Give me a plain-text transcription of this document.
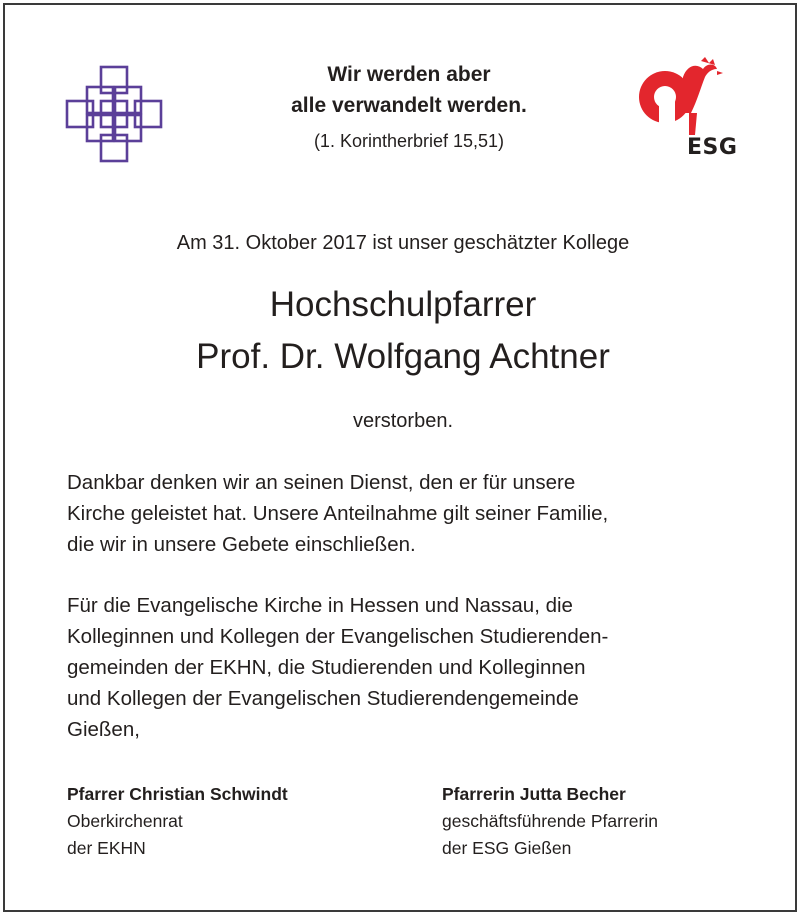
ESG
Wir werden aber
alle verwandelt werden.
(1. Korintherbrief 15,51)
Am 31. Oktober 2017 ist unser geschätzter Kollege
Hochschulpfarrer
Prof. Dr. Wolfgang Achtner
verstorben.
Dankbar denken wir an seinen Dienst, den er für unsere
Kirche geleistet hat. Unsere Anteilnahme gilt seiner Familie,
die wir in unsere Gebete einschließen.
Für die Evangelische Kirche in Hessen und Nassau, die
Kolleginnen und Kollegen der Evangelischen Studierenden-
gemeinden der EKHN, die Studierenden und Kolleginnen
und Kollegen der Evangelischen Studierendengemeinde
Gießen,
Pfarrer Christian Schwindt
Oberkirchenrat
der EKHN
Pfarrerin Jutta Becher
geschäftsführende Pfarrerin
der ESG Gießen
